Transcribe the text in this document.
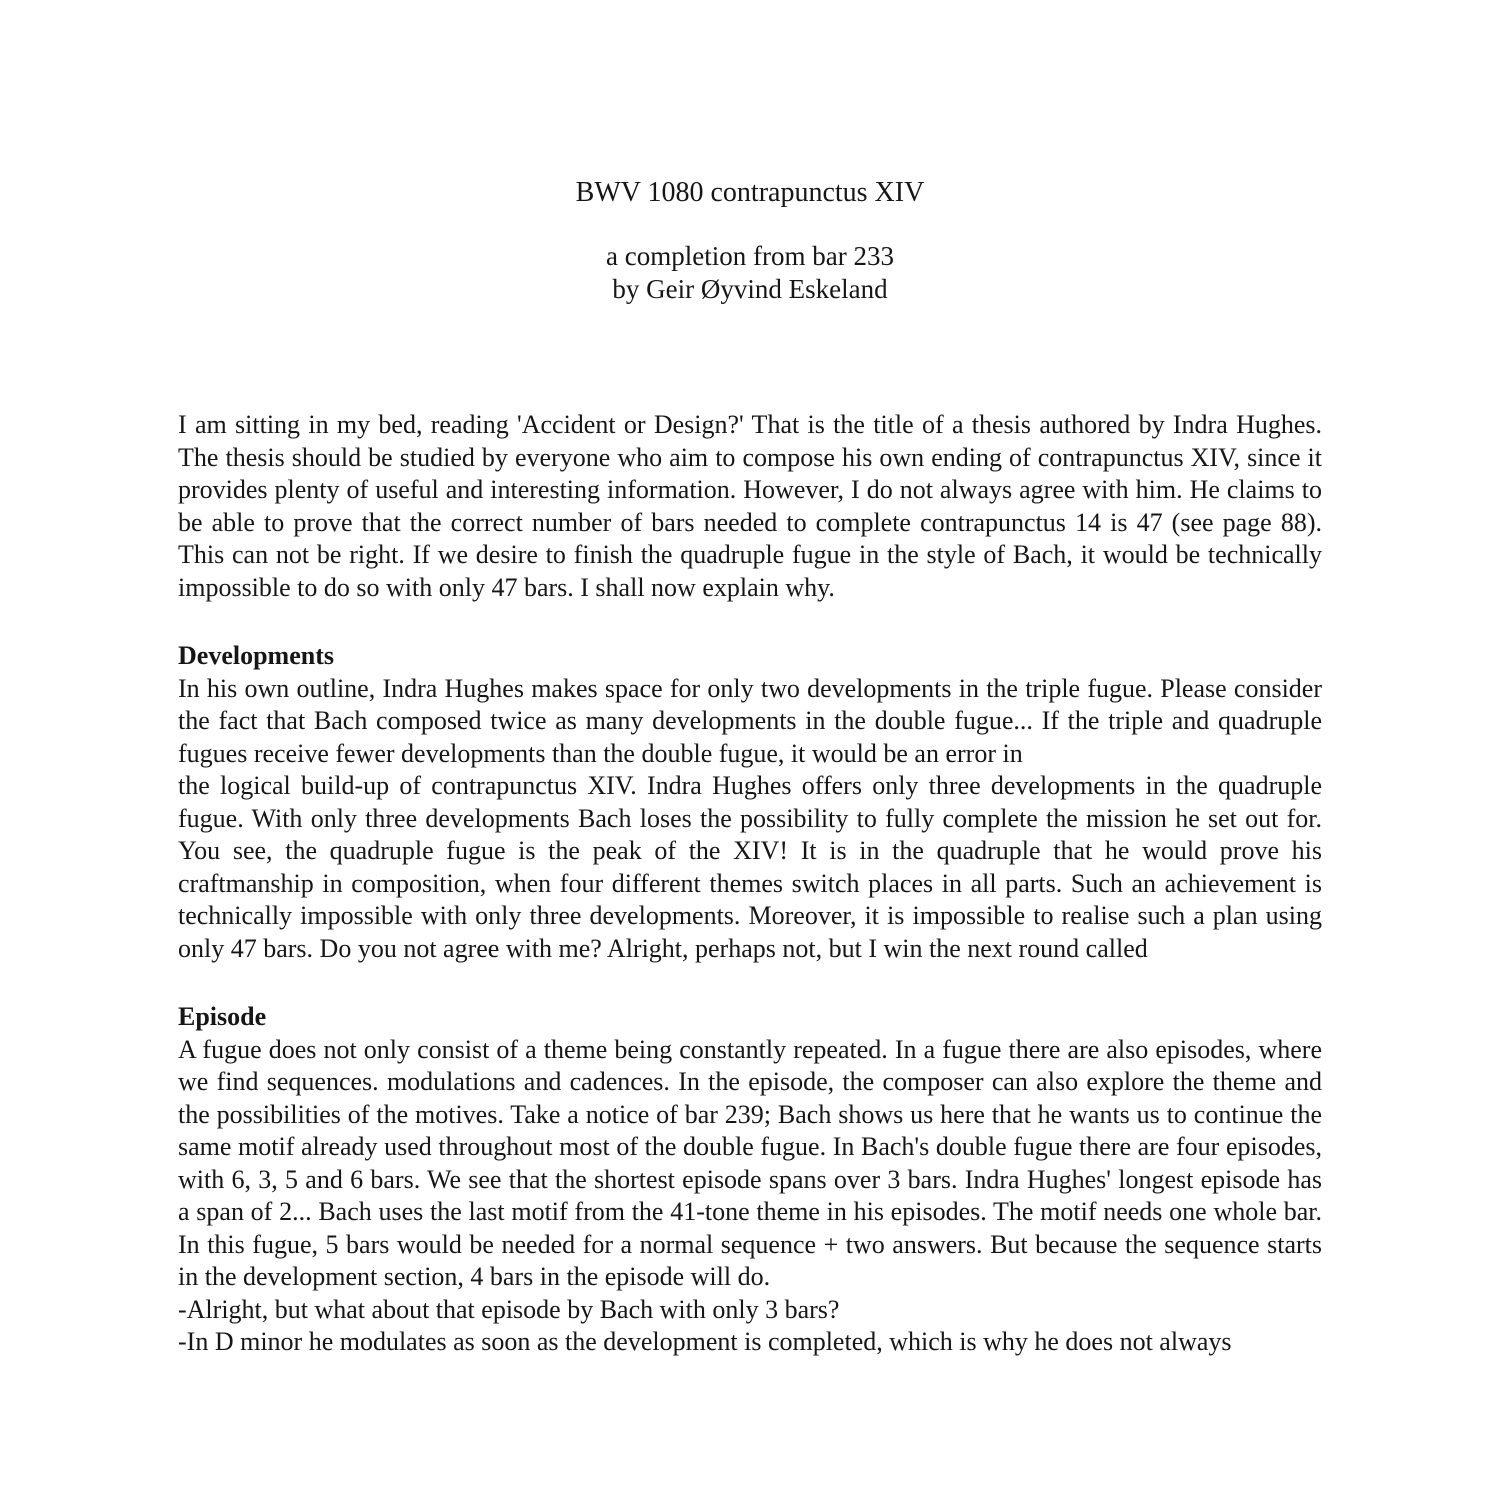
BWV 1080 contrapunctus XIV
a completion from bar 233
by Geir Øyvind Eskeland

I am sitting in my bed, reading 'Accident or Design?' That is the title of a thesis authored by Indra Hughes. The thesis should be studied by everyone who aim to compose his own ending of contrapunctus XIV, since it provides plenty of useful and interesting information. However, I do not always agree with him. He claims to be able to prove that the correct number of bars needed to complete contrapunctus 14 is 47 (see page 88). This can not be right. If we desire to finish the quadruple fugue in the style of Bach, it would be technically impossible to do so with only 47 bars. I shall now explain why.

Developments

In his own outline, Indra Hughes makes space for only two developments in the triple fugue. Please consider the fact that Bach composed twice as many developments in the double fugue... If the triple and quadruple fugues receive fewer developments than the double fugue, it would be an error in

the logical build-up of contrapunctus XIV. Indra Hughes offers only three developments in the quadruple fugue. With only three developments Bach loses the possibility to fully complete the mission he set out for. You see, the quadruple fugue is the peak of the XIV! It is in the quadruple that he would prove his craftmanship in composition, when four different themes switch places in all parts. Such an achievement is technically impossible with only three developments. Moreover, it is impossible to realise such a plan using only 47 bars. Do you not agree with me? Alright, perhaps not, but I win the next round called

Episode

A fugue does not only consist of a theme being constantly repeated. In a fugue there are also episodes, where we find sequences. modulations and cadences. In the episode, the composer can also explore the theme and the possibilities of the motives. Take a notice of bar 239; Bach shows us here that he wants us to continue the same motif already used throughout most of the double fugue. In Bach's double fugue there are four episodes, with 6, 3, 5 and 6 bars. We see that the shortest episode spans over 3 bars. Indra Hughes' longest episode has a span of 2... Bach uses the last motif from the 41-tone theme in his episodes. The motif needs one whole bar. In this fugue, 5 bars would be needed for a normal sequence + two answers. But because the sequence starts in the development section, 4 bars in the episode will do.

-Alright, but what about that episode by Bach with only 3 bars?

-In D minor he modulates as soon as the development is completed, which is why he does not always
